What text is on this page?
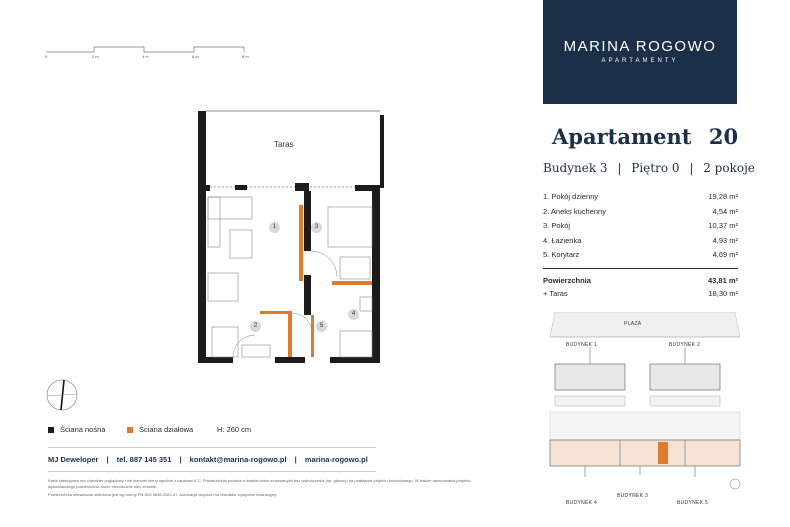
0	2 m	4 m	6 m	8 m
MARINA ROGOWO
APARTAMENTY
Apartament 20
Budynek 3 | Piętro 0 | 2 pokoje
1. Pokój dzienny	19,28 m²
2. Aneks kuchenny	4,54 m²
3. Pokój	10,37 m²
4. Łazienka	4,93 m²
5. Korytarz	4,69 m²
Powierzchnia	43,81 m²
+ Taras	18,30 m²
Taras
1
2
3
4
5
Ściana nośna	Ściana działowa	H: 260 cm
MJ Deweloper | tel. 887 145 351 | kontakt@marina-rogowo.pl | marina-rogowo.pl
Karta katalogowa ma charakter poglądowy i nie stanowi oferty zgodnie z zapisami K.C. Powierzchnia podana w świetle ścian murowanych bez wykończenia (np. glazury) na podstawie projektu budowlanego. W trakcie opracowania projektu wykonawczego powierzchnia może nieznacznie ulec zmianie.
Powierzchnia mieszkania obliczana jest wg normy PN-ISO 9836:2022-07. Aranżacja wnętrza ma charakter wyłącznie ilustracyjny.
PLAZA
BUDYNEK 1	BUDYNEK 2
BUDYNEK 3
BUDYNEK 4	BUDYNEK 5
